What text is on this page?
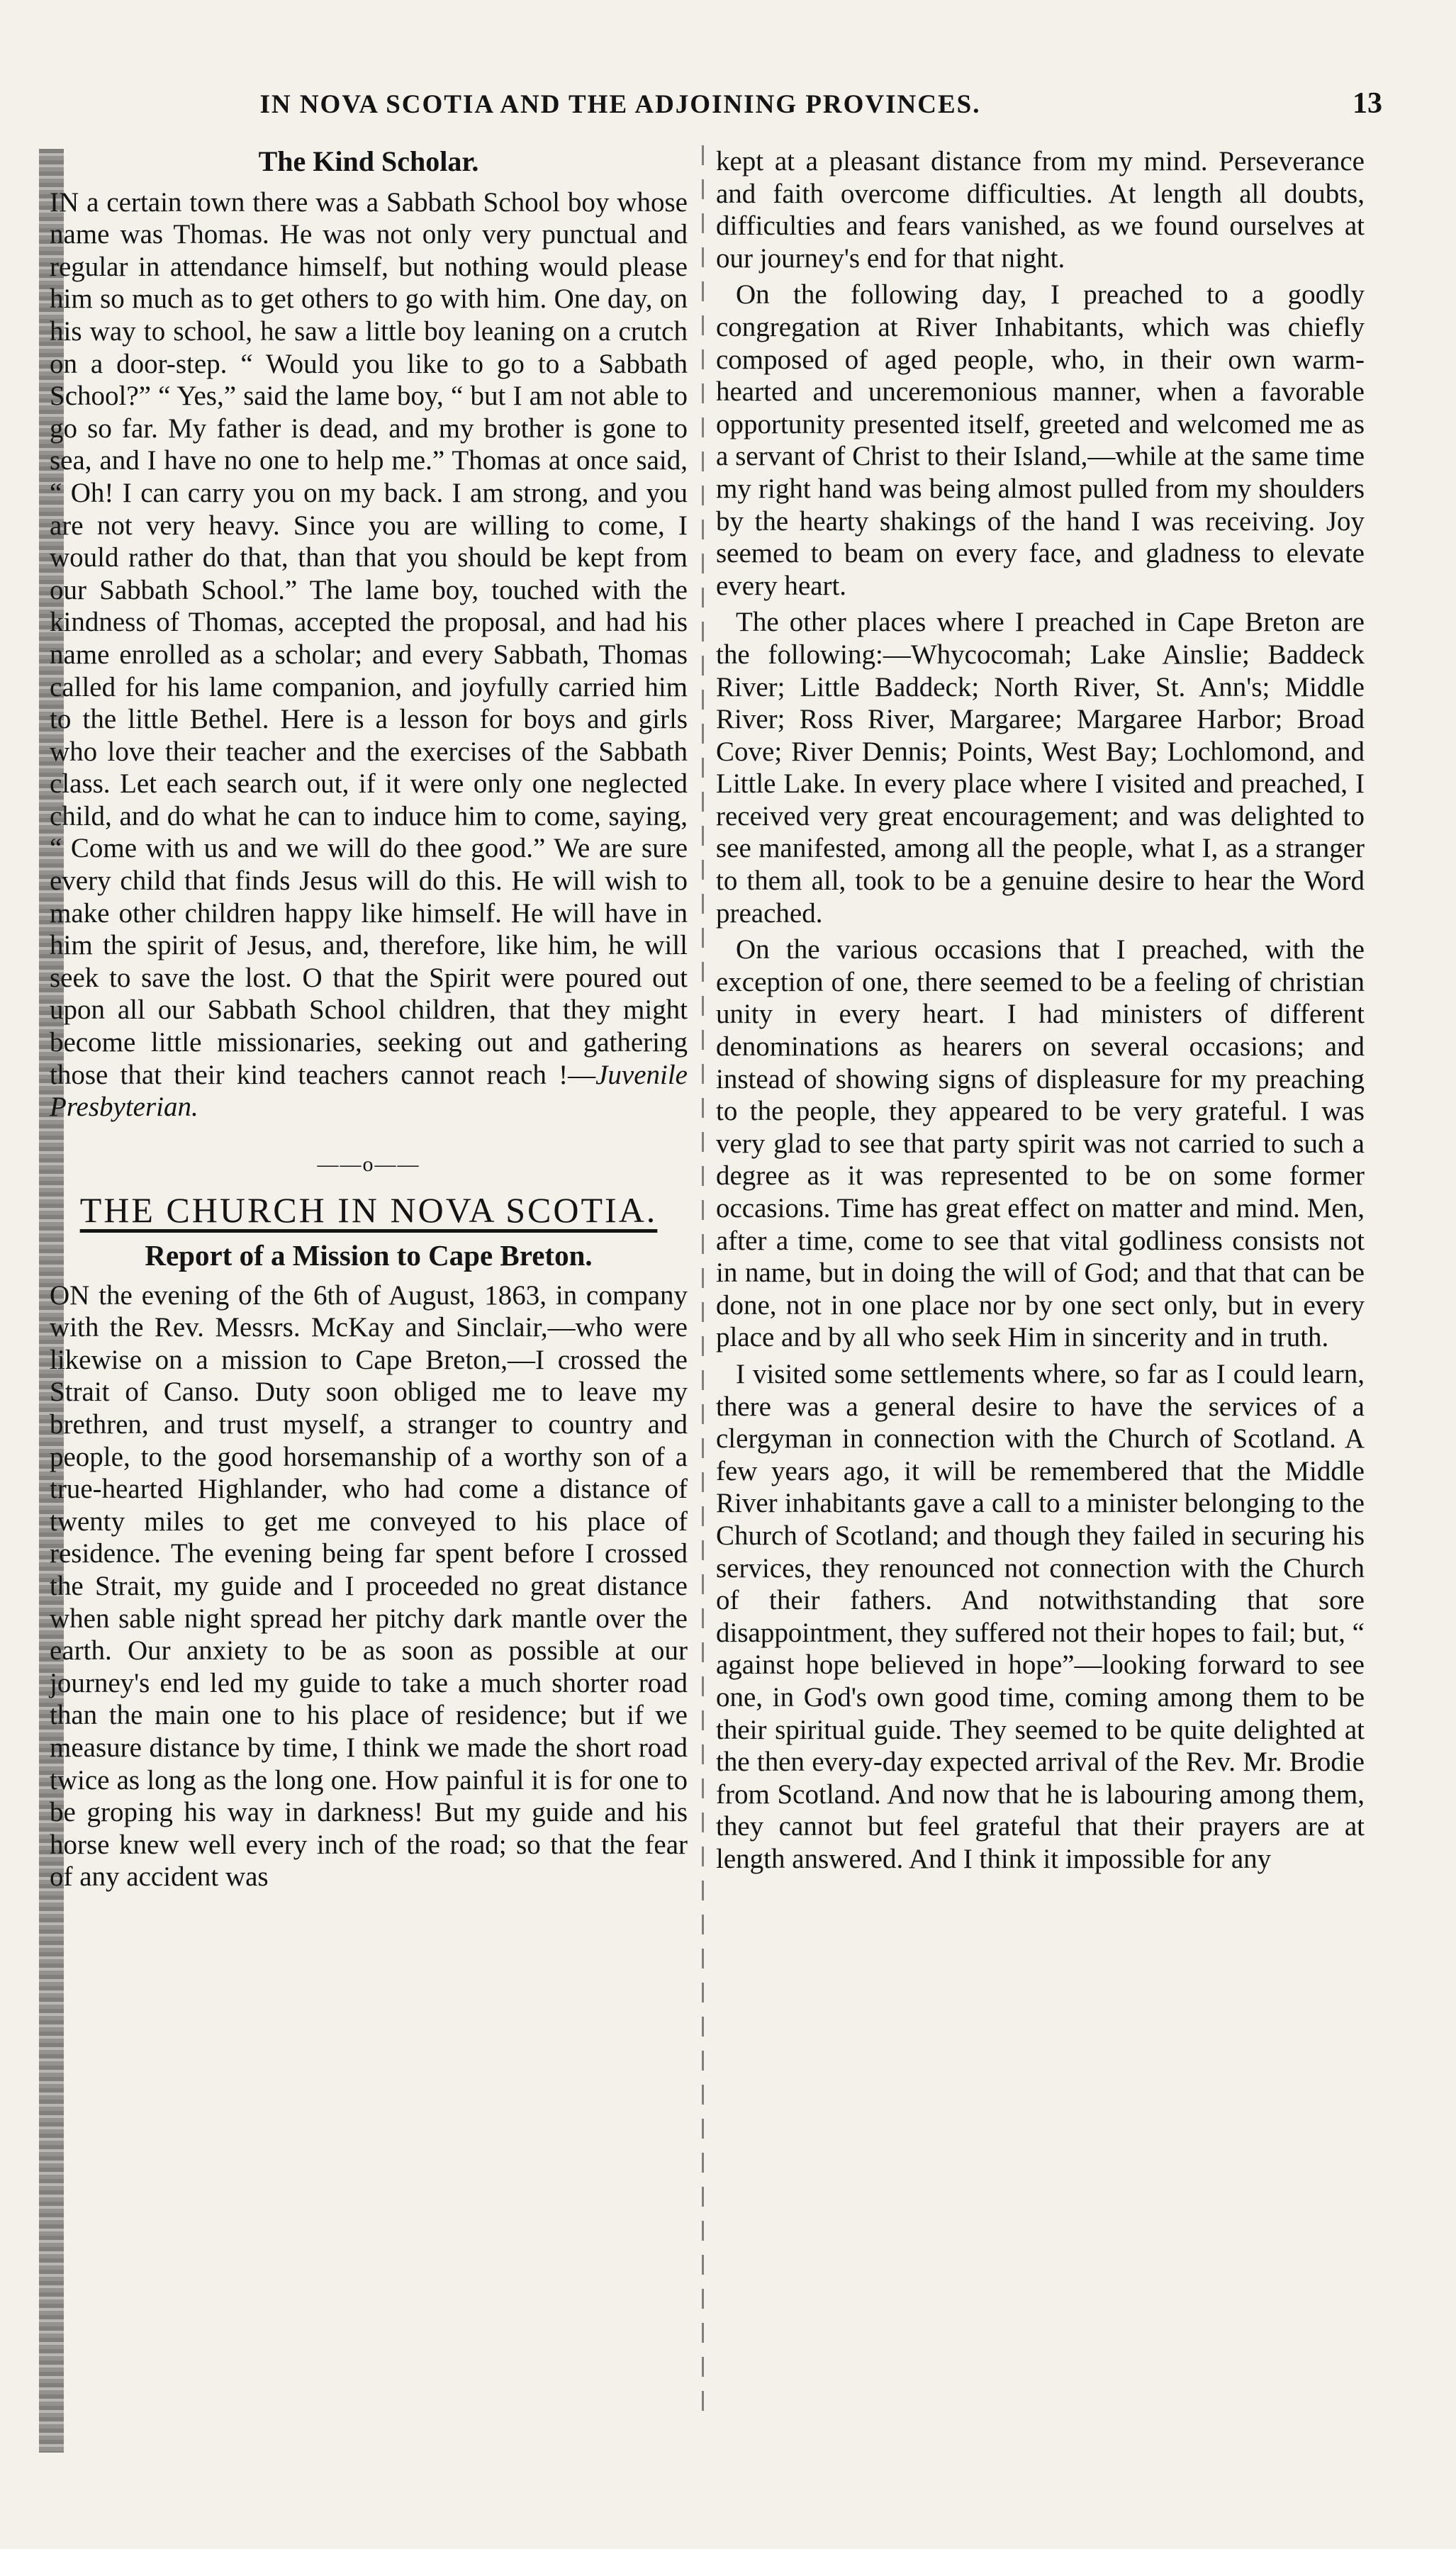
IN NOVA SCOTIA AND THE ADJOINING PROVINCES.	13
The Kind Scholar.

IN a certain town there was a Sabbath School boy whose name was Thomas. He was not only very punctual and regular in attendance himself, but nothing would please him so much as to get others to go with him. One day, on his way to school, he saw a little boy leaning on a crutch on a door-step. “ Would you like to go to a Sabbath School?” “ Yes,” said the lame boy, “ but I am not able to go so far. My father is dead, and my brother is gone to sea, and I have no one to help me.” Thomas at once said, “ Oh! I can carry you on my back. I am strong, and you are not very heavy. Since you are willing to come, I would rather do that, than that you should be kept from our Sabbath School.” The lame boy, touched with the kindness of Thomas, accepted the proposal, and had his name enrolled as a scholar; and every Sabbath, Thomas called for his lame companion, and joyfully carried him to the little Bethel. Here is a lesson for boys and girls who love their teacher and the exercises of the Sabbath class. Let each search out, if it were only one neglected child, and do what he can to induce him to come, saying, “ Come with us and we will do thee good.” We are sure every child that finds Jesus will do this. He will wish to make other children happy like himself. He will have in him the spirit of Jesus, and, therefore, like him, he will seek to save the lost. O that the Spirit were poured out upon all our Sabbath School children, that they might become little missionaries, seeking out and gathering those that their kind teachers cannot reach !—Juvenile Presbyterian.

——o——
THE CHURCH IN NOVA SCOTIA.
Report of a Mission to Cape Breton.

ON the evening of the 6th of August, 1863, in company with the Rev. Messrs. McKay and Sinclair,—who were likewise on a mission to Cape Breton,—I crossed the Strait of Canso. Duty soon obliged me to leave my brethren, and trust myself, a stranger to country and people, to the good horsemanship of a worthy son of a true-hearted Highlander, who had come a distance of twenty miles to get me conveyed to his place of residence. The evening being far spent before I crossed the Strait, my guide and I proceeded no great distance when sable night spread her pitchy dark mantle over the earth. Our anxiety to be as soon as possible at our journey's end led my guide to take a much shorter road than the main one to his place of residence; but if we measure distance by time, I think we made the short road twice as long as the long one. How painful it is for one to be groping his way in darkness! But my guide and his horse knew well every inch of the road; so that the fear of any accident was

kept at a pleasant distance from my mind. Perseverance and faith overcome difficulties. At length all doubts, difficulties and fears vanished, as we found ourselves at our journey's end for that night.

On the following day, I preached to a goodly congregation at River Inhabitants, which was chiefly composed of aged people, who, in their own warm-hearted and unceremonious manner, when a favorable opportunity presented itself, greeted and welcomed me as a servant of Christ to their Island,—while at the same time my right hand was being almost pulled from my shoulders by the hearty shakings of the hand I was receiving. Joy seemed to beam on every face, and gladness to elevate every heart.

The other places where I preached in Cape Breton are the following:—Whycocomah; Lake Ainslie; Baddeck River; Little Baddeck; North River, St. Ann's; Middle River; Ross River, Margaree; Margaree Harbor; Broad Cove; River Dennis; Points, West Bay; Lochlomond, and Little Lake. In every place where I visited and preached, I received very great encouragement; and was delighted to see manifested, among all the people, what I, as a stranger to them all, took to be a genuine desire to hear the Word preached.

On the various occasions that I preached, with the exception of one, there seemed to be a feeling of christian unity in every heart. I had ministers of different denominations as hearers on several occasions; and instead of showing signs of displeasure for my preaching to the people, they appeared to be very grateful. I was very glad to see that party spirit was not carried to such a degree as it was represented to be on some former occasions. Time has great effect on matter and mind. Men, after a time, come to see that vital godliness consists not in name, but in doing the will of God; and that that can be done, not in one place nor by one sect only, but in every place and by all who seek Him in sincerity and in truth.

I visited some settlements where, so far as I could learn, there was a general desire to have the services of a clergyman in connection with the Church of Scotland. A few years ago, it will be remembered that the Middle River inhabitants gave a call to a minister belonging to the Church of Scotland; and though they failed in securing his services, they renounced not connection with the Church of their fathers. And notwithstanding that sore disappointment, they suffered not their hopes to fail; but, “ against hope believed in hope”—looking forward to see one, in God's own good time, coming among them to be their spiritual guide. They seemed to be quite delighted at the then every-day expected arrival of the Rev. Mr. Brodie from Scotland. And now that he is labouring among them, they cannot but feel grateful that their prayers are at length answered. And I think it impossible for any
